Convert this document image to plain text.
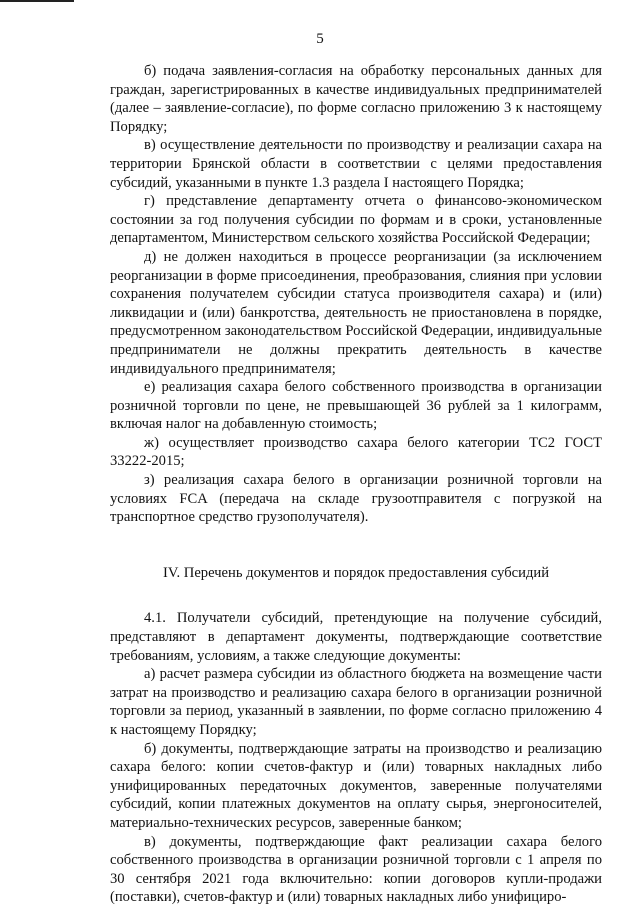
5

б) подача заявления-согласия на обработку персональных данных для граждан, зарегистрированных в качестве индивидуальных предпринимателей (далее – заявление-согласие), по форме согласно приложению 3 к настоящему Порядку;

в) осуществление деятельности по производству и реализации сахара на территории Брянской области в соответствии с целями предоставления субсидий, указанными в пункте 1.3 раздела I настоящего Порядка;

г) представление департаменту отчета о финансово-экономическом состоянии за год получения субсидии по формам и в сроки, установленные департаментом, Министерством сельского хозяйства Российской Федерации;

д) не должен находиться в процессе реорганизации (за исключением реорганизации в форме присоединения, преобразования, слияния при условии сохранения получателем субсидии статуса производителя сахара) и (или) ликвидации и (или) банкротства, деятельность не приостановлена в порядке, предусмотренном законодательством Российской Федерации, индивидуальные предприниматели не должны прекратить деятельность в качестве индивидуального предпринимателя;

е) реализация сахара белого собственного производства в организации розничной торговли по цене, не превышающей 36 рублей за 1 килограмм, включая налог на добавленную стоимость;

ж) осуществляет производство сахара белого категории ТС2 ГОСТ 33222-2015;

з) реализация сахара белого в организации розничной торговли на условиях FCA (передача на складе грузоотправителя с погрузкой на транспортное средство грузополучателя).

IV. Перечень документов и порядок предоставления субсидий

4.1. Получатели субсидий, претендующие на получение субсидий, представляют в департамент документы, подтверждающие соответствие требованиям, условиям, а также следующие документы:

а) расчет размера субсидии из областного бюджета на возмещение части затрат на производство и реализацию сахара белого в организации розничной торговли за период, указанный в заявлении, по форме согласно приложению 4 к настоящему Порядку;

б) документы, подтверждающие затраты на производство и реализацию сахара белого: копии счетов-фактур и (или) товарных накладных либо унифицированных передаточных документов, заверенные получателями субсидий, копии платежных документов на оплату сырья, энергоносителей, материально-технических ресурсов, заверенные банком;

в) документы, подтверждающие факт реализации сахара белого собственного производства в организации розничной торговли с 1 апреля по 30 сентября 2021 года включительно: копии договоров купли-продажи (поставки), счетов-фактур и (или) товарных накладных либо унифициро-
